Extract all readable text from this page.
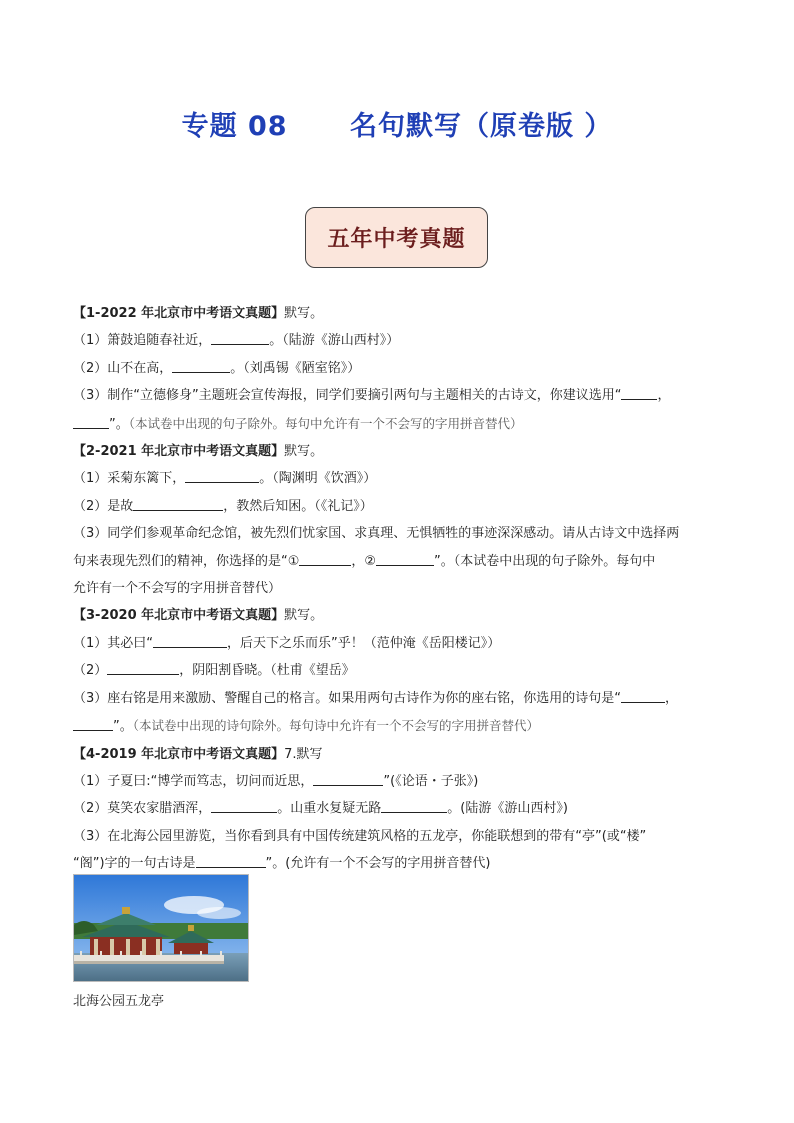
专题 08      名句默写（原卷版 ）
五年中考真题
【1-2022 年北京市中考语文真题】默写。
（1）箫鼓追随春社近，	。（陆游《游山西村》）
（2）山不在高，	。（刘禹锡《陋室铭》）
（3）制作“立德修身”主题班会宣传海报，同学们要摘引两句与主题相关的古诗文，你建议选用“	，
”。（本试卷中出现的句子除外。每句中允许有一个不会写的字用拼音替代）
【2-2021 年北京市中考语文真题】默写。
（1）采菊东篱下，	。（陶渊明《饮酒》）
（2）是故	，教然后知困。（《礼记》）
（3）同学们参观革命纪念馆，被先烈们忧家国、求真理、无惧牺牲的事迹深深感动。请从古诗文中选择两
句来表现先烈们的精神，你选择的是“①	，②	”。（本试卷中出现的句子除外。每句中
允许有一个不会写的字用拼音替代）
【3-2020 年北京市中考语文真题】默写。
（1）其必曰“	，后天下之乐而乐”乎！（范仲淹《岳阳楼记》）
（2）	，阴阳割昏晓。（杜甫《望岳》
（3）座右铭是用来激励、警醒自己的格言。如果用两句古诗作为你的座右铭，你选用的诗句是“	，
”。（本试卷中出现的诗句除外。每句诗中允许有一个不会写的字用拼音替代）
【4-2019 年北京市中考语文真题】7.默写
（1）子夏曰:“博学而笃志，切问而近思，	”(《论语・子张》)
（2）莫笑农家腊酒浑，	。山重水复疑无路	。(陆游《游山西村》)
（3）在北海公园里游览，当你看到具有中国传统建筑风格的五龙亭，你能联想到的带有“亭”(或“楼”
“阁”)字的一句古诗是	”。(允许有一个不会写的字用拼音替代)
北海公园五龙亭
